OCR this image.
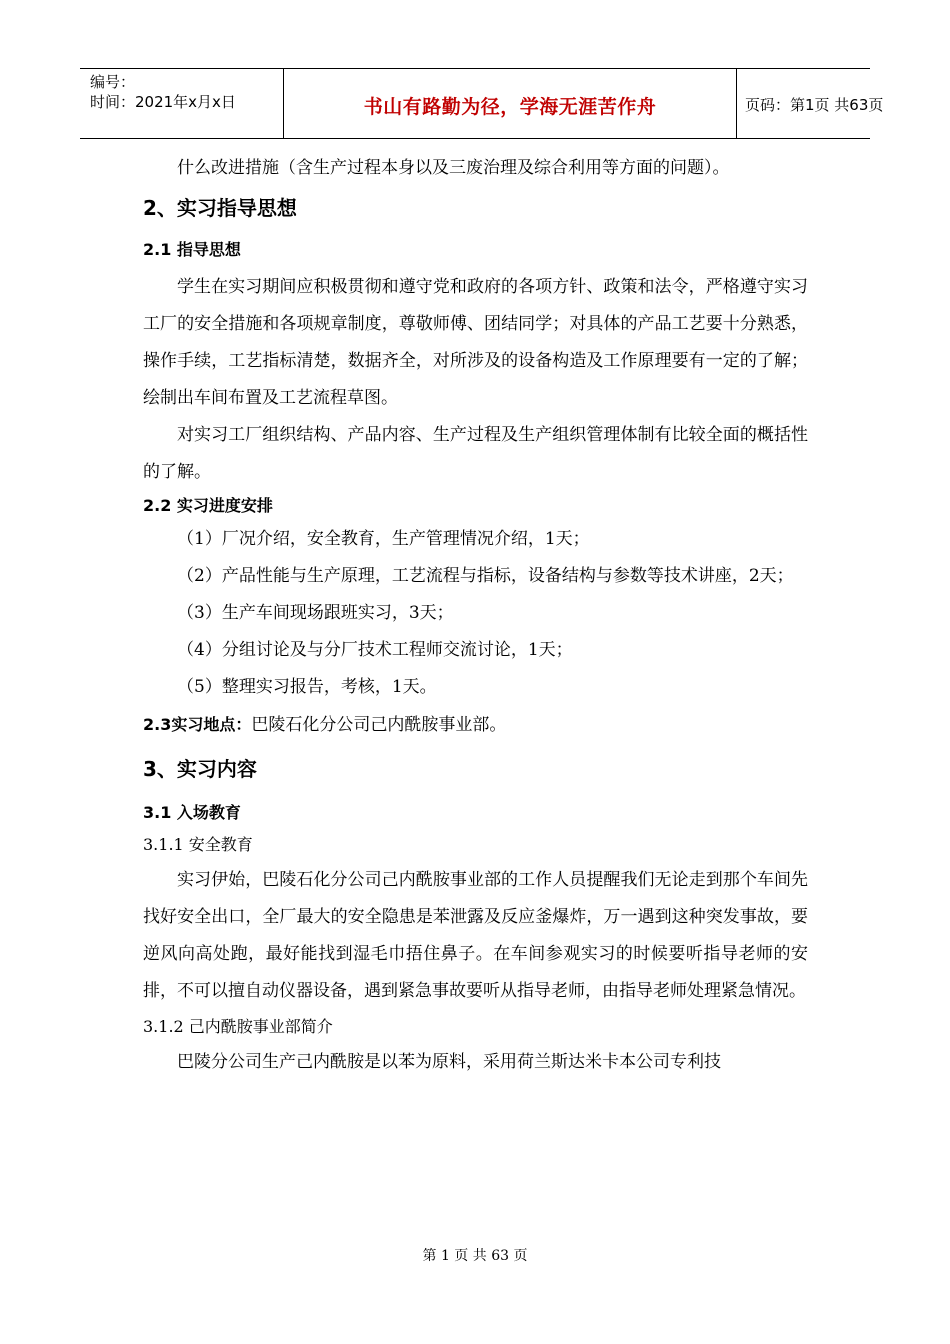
编号：
时间：2021年x月x日	书山有路勤为径，学海无涯苦作舟	页码：第1页 共63页

什么改进措施（含生产过程本身以及三废治理及综合利用等方面的问题）。

2、实习指导思想
2.1 指导思想

学生在实习期间应积极贯彻和遵守党和政府的各项方针、政策和法令，严格遵守实习工厂的安全措施和各项规章制度，尊敬师傅、团结同学；对具体的产品工艺要十分熟悉，操作手续，工艺指标清楚，数据齐全，对所涉及的设备构造及工作原理要有一定的了解；绘制出车间布置及工艺流程草图。

对实习工厂组织结构、产品内容、生产过程及生产组织管理体制有比较全面的概括性的了解。

2.2 实习进度安排

（1）厂况介绍，安全教育，生产管理情况介绍，1天；

（2）产品性能与生产原理，工艺流程与指标，设备结构与参数等技术讲座，2天；

（3）生产车间现场跟班实习，3天；

（4）分组讨论及与分厂技术工程师交流讨论，1天；

（5）整理实习报告，考核，1天。

2.3实习地点：巴陵石化分公司己内酰胺事业部。

3、实习内容
3.1 入场教育
3.1.1 安全教育

实习伊始，巴陵石化分公司己内酰胺事业部的工作人员提醒我们无论走到那个车间先找好安全出口，全厂最大的安全隐患是苯泄露及反应釜爆炸，万一遇到这种突发事故，要逆风向高处跑，最好能找到湿毛巾捂住鼻子。在车间参观实习的时候要听指导老师的安排，不可以擅自动仪器设备，遇到紧急事故要听从指导老师，由指导老师处理紧急情况。

3.1.2 己内酰胺事业部简介

巴陵分公司生产己内酰胺是以苯为原料，采用荷兰斯达米卡本公司专利技

第 1 页 共 63 页
